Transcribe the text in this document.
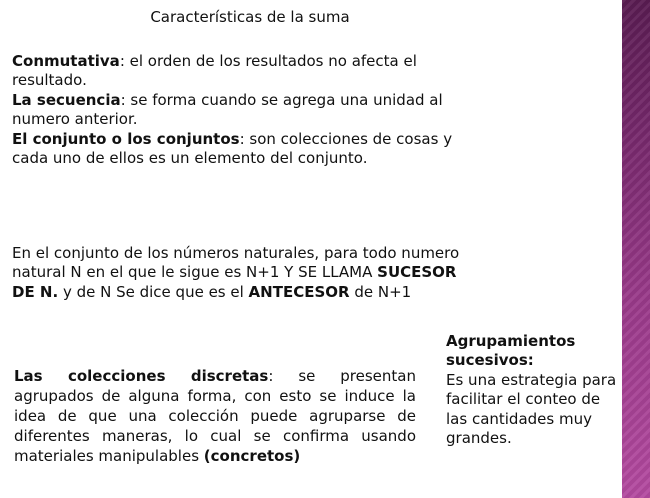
Características de la suma

Conmutativa: el orden de los resultados no afecta el resultado.

La secuencia: se forma cuando se agrega una unidad al numero anterior.

El conjunto o los conjuntos: son colecciones de cosas y cada uno de ellos es un elemento del conjunto.

En el conjunto de los números naturales, para todo numero natural N en el que le sigue es N+1 Y SE LLAMA SUCESOR DE N. y de N Se dice que es el ANTECESOR de N+1
Las colecciones discretas: se presentan agrupados de alguna forma, con esto se induce la idea de que una colección puede agruparse de diferentes maneras, lo cual se confirma usando materiales manipulables (concretos)
Agrupamientos sucesivos:
Es una estrategia para facilitar el conteo de las cantidades muy grandes.
